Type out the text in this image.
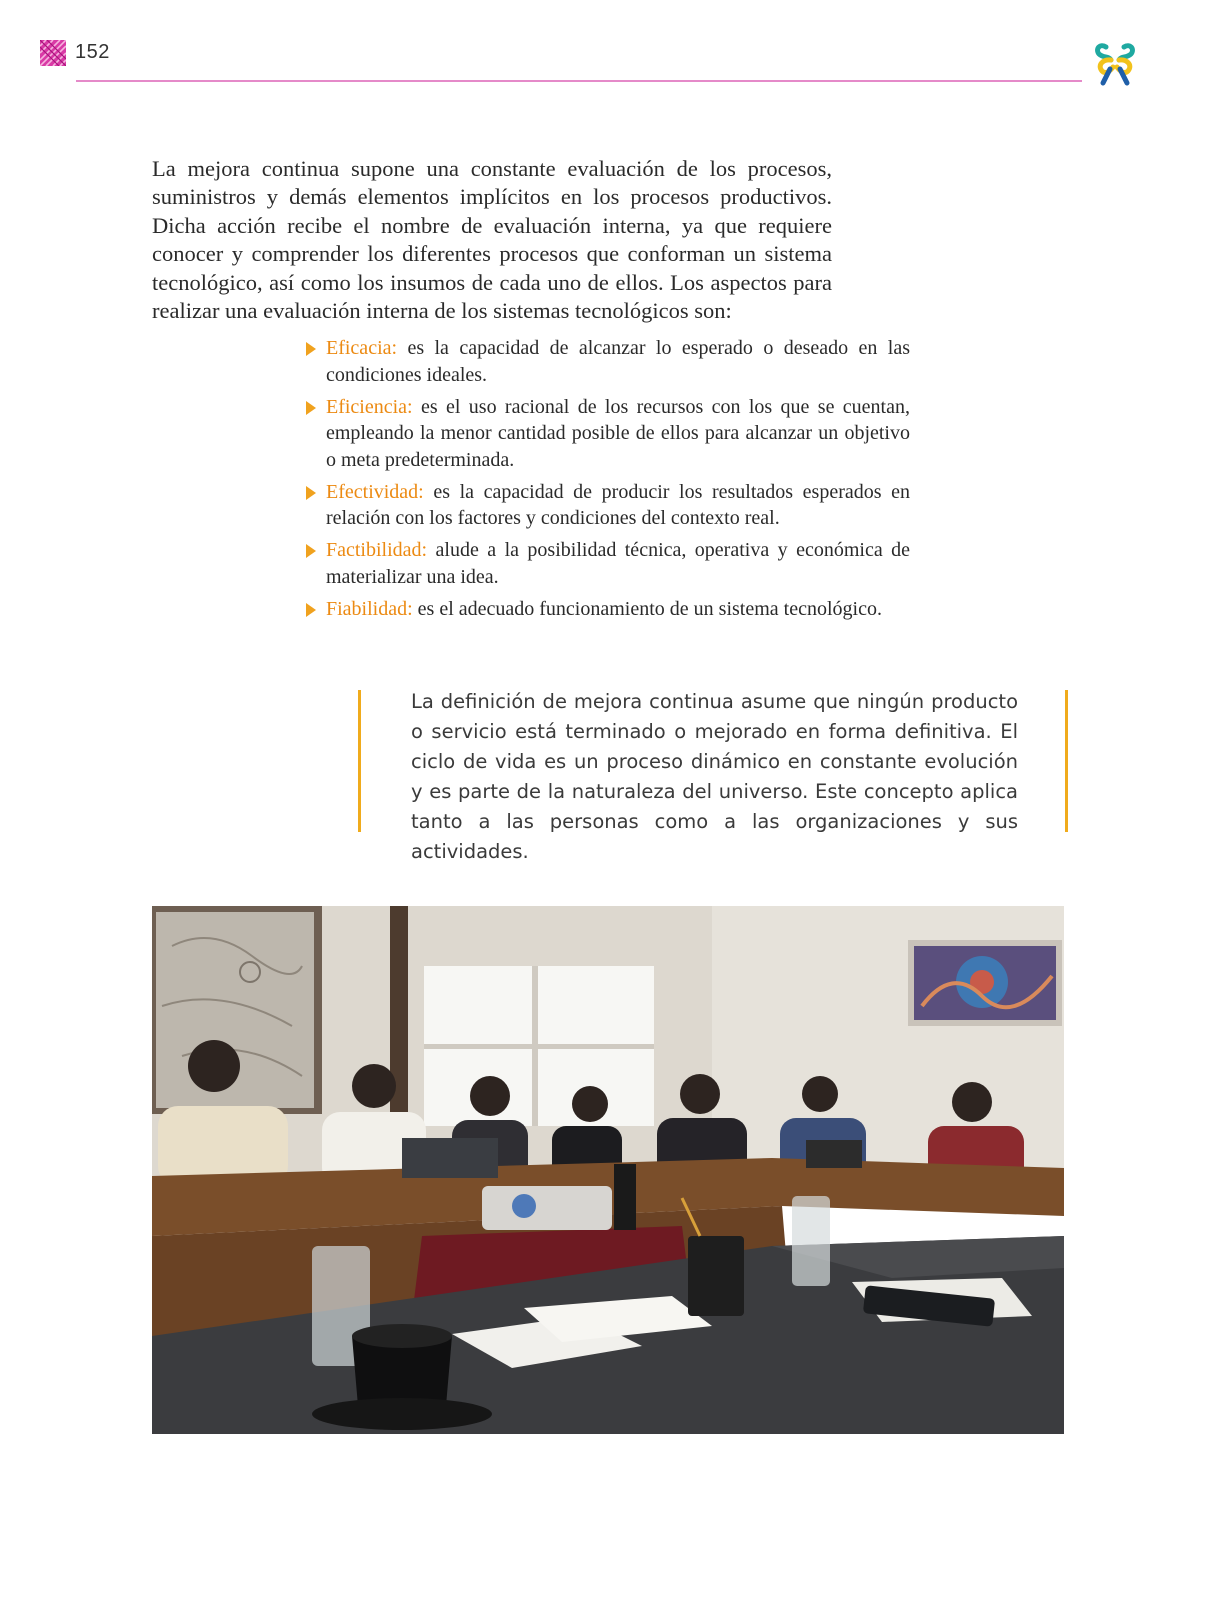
152

La mejora continua supone una constante evaluación de los procesos, suministros y demás elementos implícitos en los procesos productivos. Dicha acción recibe el nombre de evaluación interna, ya que requiere conocer y comprender los diferentes procesos que conforman un sistema tecnológico, así como los insumos de cada uno de ellos. Los aspectos para realizar una evaluación interna de los sistemas tecnológicos son:

Eficacia: es la capacidad de alcanzar lo esperado o deseado en las condiciones ideales.
Eficiencia: es el uso racional de los recursos con los que se cuentan, empleando la menor cantidad posible de ellos para alcanzar un objetivo o meta predeterminada.
Efectividad: es la capacidad de producir los resultados esperados en relación con los factores y condiciones del contexto real.
Factibilidad: alude a la posibilidad técnica, operativa y económica de materializar una idea.
Fiabilidad: es el adecuado funcionamiento de un sistema tecnológico.

La definición de mejora continua asume que ningún producto o servicio está terminado o mejorado en forma definitiva. El ciclo de vida es un proceso dinámico en constante evolución y es parte de la naturaleza del universo. Este concepto aplica tanto a las personas como a las organizaciones y sus actividades.
